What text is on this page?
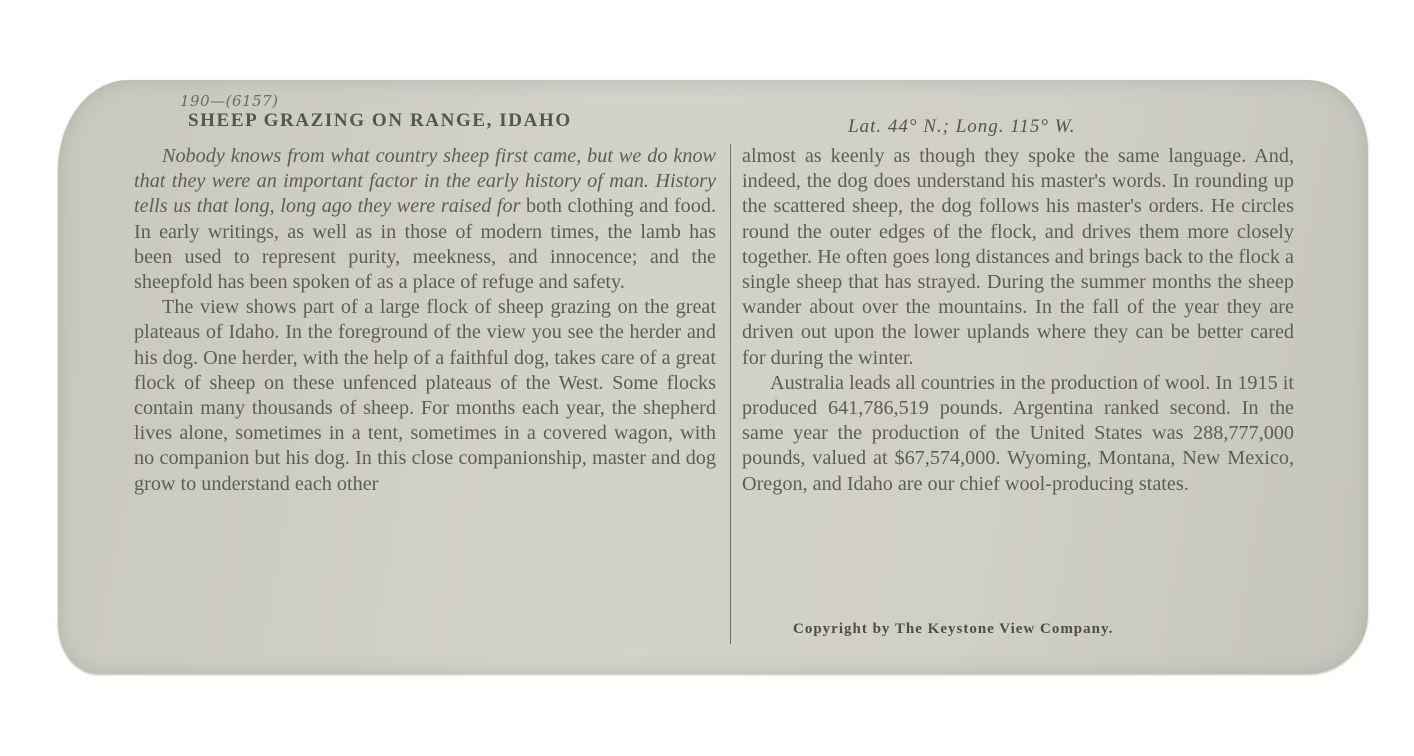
190—(6157)
SHEEP GRAZING ON RANGE, IDAHO	Lat. 44° N.; Long. 115° W.

Nobody knows from what country sheep first came, but we do know that they were an important factor in the early history of man. History tells us that long, long ago they were raised for both clothing and food. In early writings, as well as in those of modern times, the lamb has been used to represent purity, meekness, and innocence; and the sheepfold has been spoken of as a place of refuge and safety.

The view shows part of a large flock of sheep grazing on the great plateaus of Idaho. In the foreground of the view you see the herder and his dog. One herder, with the help of a faithful dog, takes care of a great flock of sheep on these unfenced plateaus of the West. Some flocks contain many thousands of sheep. For months each year, the shepherd lives alone, sometimes in a tent, sometimes in a covered wagon, with no companion but his dog. In this close companionship, master and dog grow to understand each other

almost as keenly as though they spoke the same language. And, indeed, the dog does understand his master's words. In rounding up the scattered sheep, the dog follows his master's orders. He circles round the outer edges of the flock, and drives them more closely together. He often goes long distances and brings back to the flock a single sheep that has strayed. During the summer months the sheep wander about over the mountains. In the fall of the year they are driven out upon the lower uplands where they can be better cared for during the winter.

Australia leads all countries in the production of wool. In 1915 it produced 641,786,519 pounds. Argentina ranked second. In the same year the production of the United States was 288,777,000 pounds, valued at $67,574,000. Wyoming, Montana, New Mexico, Oregon, and Idaho are our chief wool-producing states.

Copyright by The Keystone View Company.
